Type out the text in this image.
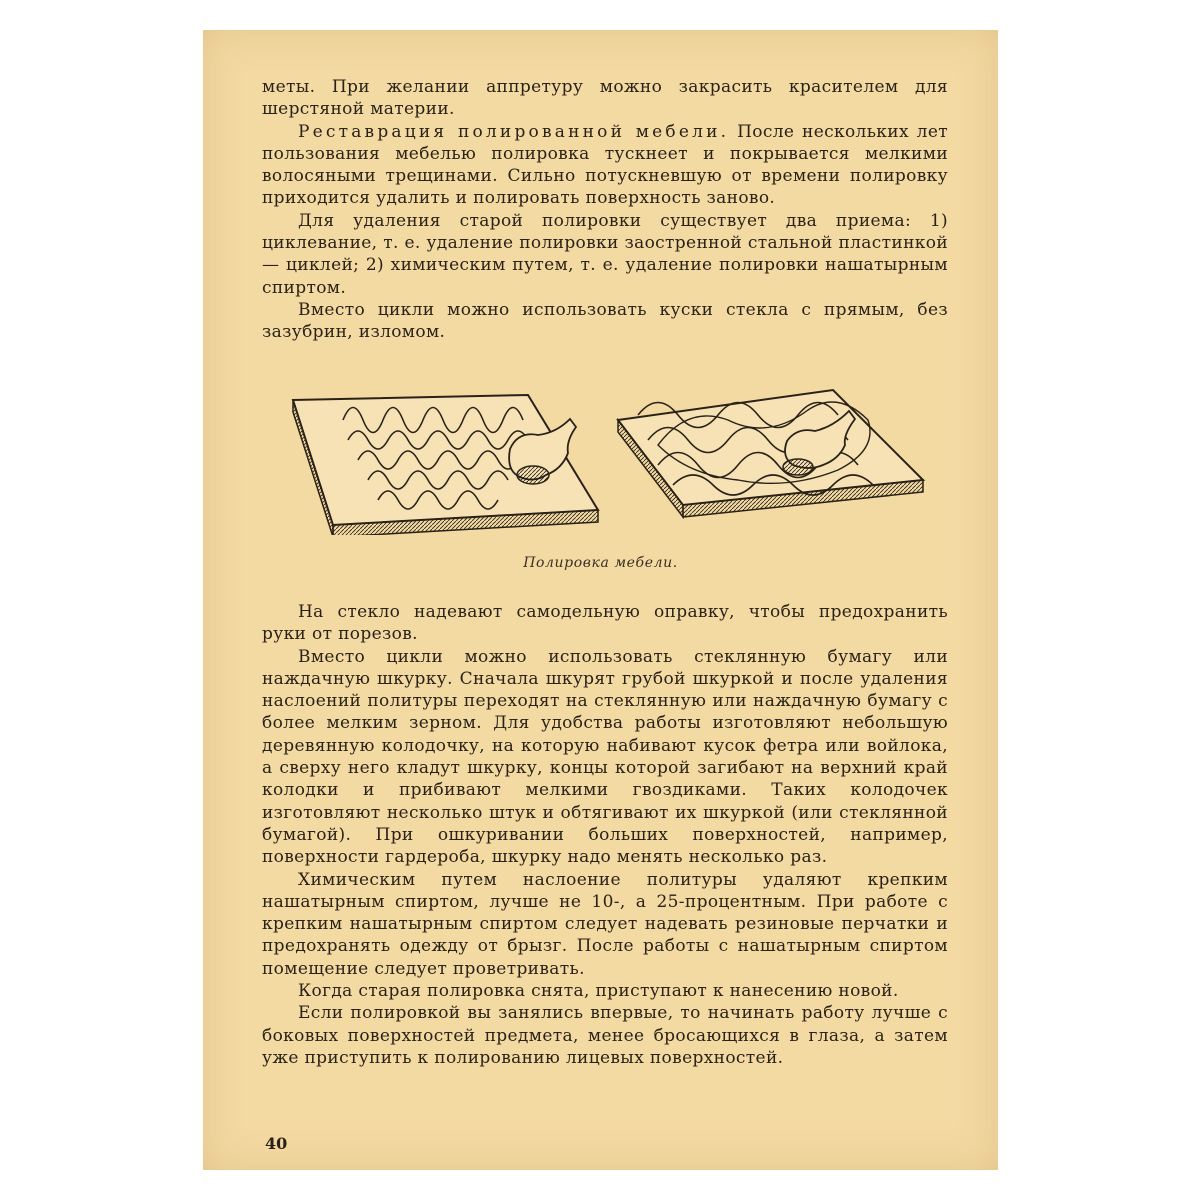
меты. При желании аппретуру можно закрасить красителем для шерстяной материи.

Реставрация полированной мебели. После нескольких лет пользования мебелью полировка тускнеет и покрывается мелкими волосяными трещинами. Сильно потускневшую от времени полировку приходится удалить и полировать поверхность заново.

Для удаления старой полировки существует два приема: 1) циклевание, т. е. удаление полировки заостренной стальной пластинкой — циклей; 2) химическим путем, т. е. удаление полировки нашатырным спиртом.

Вместо цикли можно использовать куски стекла с прямым, без зазубрин, изломом.

Полировка мебели.

На стекло надевают самодельную оправку, чтобы предохранить руки от порезов.

Вместо цикли можно использовать стеклянную бумагу или наждачную шкурку. Сначала шкурят грубой шкуркой и после удаления наслоений политуры переходят на стеклянную или наждачную бумагу с более мелким зерном. Для удобства работы изготовляют небольшую деревянную колодочку, на которую набивают кусок фетра или войлока, а сверху него кладут шкурку, концы которой загибают на верхний край колодки и прибивают мелкими гвоздиками. Таких колодочек изготовляют несколько штук и обтягивают их шкуркой (или стеклянной бумагой). При ошкуривании больших поверхностей, например, поверхности гардероба, шкурку надо менять несколько раз.

Химическим путем наслоение политуры удаляют крепким нашатырным спиртом, лучше не 10-, а 25-процентным. При работе с крепким нашатырным спиртом следует надевать резиновые перчатки и предохранять одежду от брызг. После работы с нашатырным спиртом помещение следует проветривать.

Когда старая полировка снята, приступают к нанесению новой.

Если полировкой вы занялись впервые, то начинать работу лучше с боковых поверхностей предмета, менее бросающихся в глаза, а затем уже приступить к полированию лицевых поверхностей.

40
